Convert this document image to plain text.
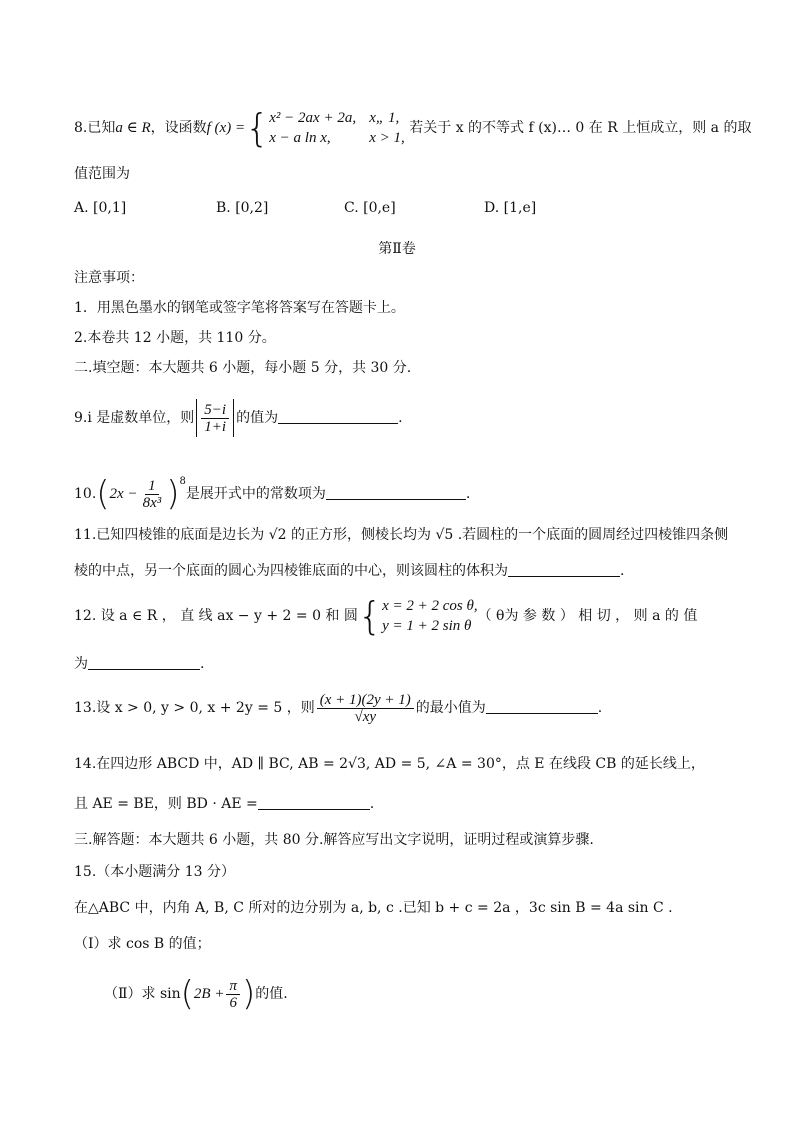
8.已知a ∈ R，设函数f (x) ={ x² − 2ax + 2a, x„ 1,
x − a ln x,	x > 1,
若关于 x 的不等式 f (x)… 0 在 R 上恒成立，则 a 的取
值范围为
A. [0,1]	B. [0,2]	C. [0,e]	D. [1,e]
第Ⅱ卷
注意事项：
1．用黑色墨水的钢笔或签字笔将答案写在答题卡上。
2.本卷共 12 小题，共 110 分。
二.填空题：本大题共 6 小题，每小题 5 分，共 30 分.
9.i 是虚数单位，则 $\frac{5-i}{1+i}$ 的值为	.
$10.(2x - \frac{1}{\text{8x³}} )^8$是展开式中的常数项为	.
11.已知四棱锥的底面是边长为 √2 的正方形，侧棱长均为 √5 .若圆柱的一个底面的圆周经过四棱锥四条侧
棱的中点，另一个底面的圆心为四棱锥底面的中心，则该圆柱的体积为	.
12. 设 a ∈ R ， 直 线 ax − y + 2 = 0 和 圆{ x = 2 + 2 cos θ,
y = 1 + 2 sin θ
（ θ为 参 数 ） 相 切 ， 则 a 的 值
为	.
13.设 x > 0, y > 0, x + 2y = 5 ，则 $\frac{(x + 1)(2y + 1)}{√xy}$ 的最小值为	.
14.在四边形 ABCD 中，AD ∥ BC, AB = 2√3, AD = 5, ∠A = 30°，点 E 在线段 CB 的延长线上，
且 AE = BE，则 BD · AE =	.
三.解答题：本大题共 6 小题，共 80 分.解答应写出文字说明，证明过程或演算步骤.
15.（本小题满分 13 分）
在△ABC 中，内角 A, B, C 所对的边分别为 a, b, c .已知 b + c = 2a ，3c sin B = 4a sin C .
（Ⅰ）求 cos B 的值；
（Ⅱ）求 $\sin(2B + \frac{\pi}{6}$ )的值.
